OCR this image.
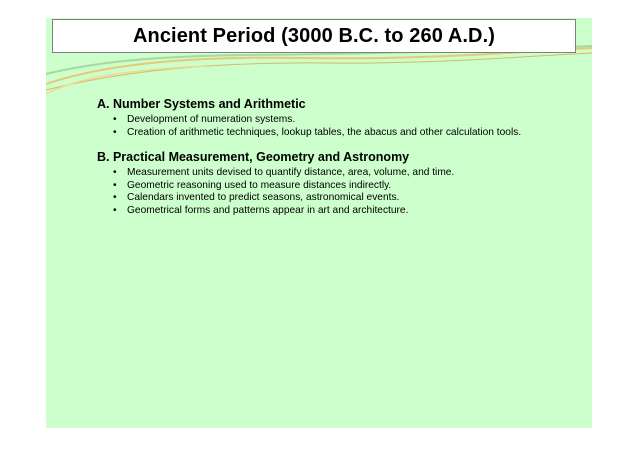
Ancient Period (3000 B.C. to 260 A.D.)

A. Number Systems and Arithmetic

• Development of numeration systems.
• Creation of arithmetic techniques, lookup tables, the abacus and other calculation tools.

B. Practical Measurement, Geometry and Astronomy

• Measurement units devised to quantify distance, area, volume, and time.
• Geometric reasoning used to measure distances indirectly.
• Calendars invented to predict seasons, astronomical events.
• Geometrical forms and patterns appear in art and architecture.
